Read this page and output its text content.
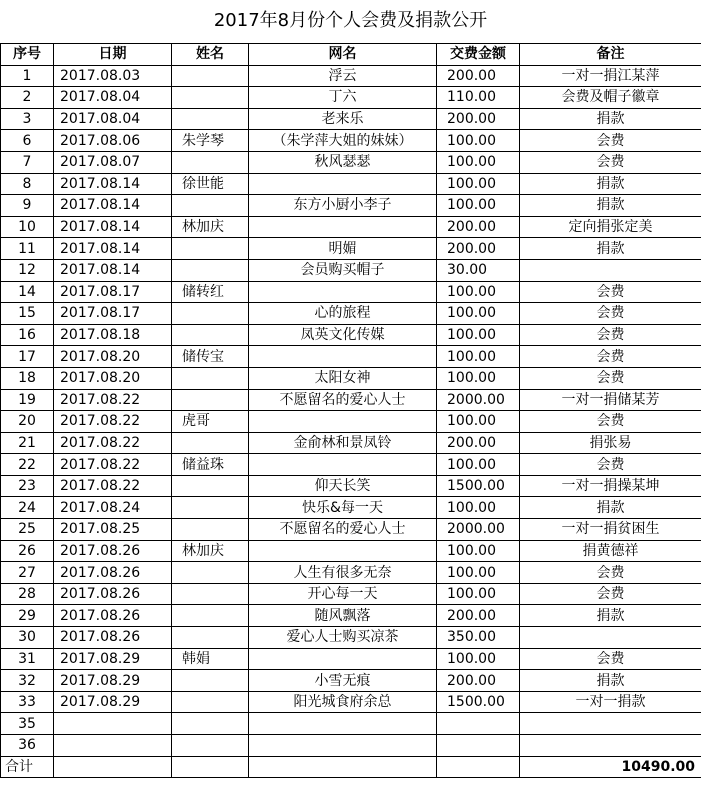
2017年8月份个人会费及捐款公开
序号	日期	姓名	网名	交费金额	备注
1	2017.08.03		浮云	200.00	一对一捐江某萍
2	2017.08.04		丁六	110.00	会费及帽子徽章
3	2017.08.04		老来乐	200.00	捐款
6	2017.08.06	朱学琴	（朱学萍大姐的妹妹）	100.00	会费
7	2017.08.07		秋风瑟瑟	100.00	会费
8	2017.08.14	徐世能		100.00	捐款
9	2017.08.14		东方小厨小李子	100.00	捐款
10	2017.08.14	林加庆		200.00	定向捐张定美
11	2017.08.14		明媚	200.00	捐款
12	2017.08.14		会员购买帽子	30.00	
14	2017.08.17	储转红		100.00	会费
15	2017.08.17		心的旅程	100.00	会费
16	2017.08.18		凤英文化传媒	100.00	会费
17	2017.08.20	储传宝		100.00	会费
18	2017.08.20		太阳女神	100.00	会费
19	2017.08.22		不愿留名的爱心人士	2000.00	一对一捐储某芳
20	2017.08.22	虎哥		100.00	会费
21	2017.08.22		金俞林和景凤铃	200.00	捐张易
22	2017.08.22	储益珠		100.00	会费
23	2017.08.22		仰天长笑	1500.00	一对一捐操某坤
24	2017.08.24		快乐&每一天	100.00	捐款
25	2017.08.25		不愿留名的爱心人士	2000.00	一对一捐贫困生
26	2017.08.26	林加庆		100.00	捐黄德祥
27	2017.08.26		人生有很多无奈	100.00	会费
28	2017.08.26		开心每一天	100.00	会费
29	2017.08.26		随风飘落	200.00	捐款
30	2017.08.26		爱心人士购买凉茶	350.00	
31	2017.08.29	韩娟		100.00	会费
32	2017.08.29		小雪无痕	200.00	捐款
33	2017.08.29		阳光城食府余总	1500.00	一对一捐款
35					
36					
合计					10490.00
